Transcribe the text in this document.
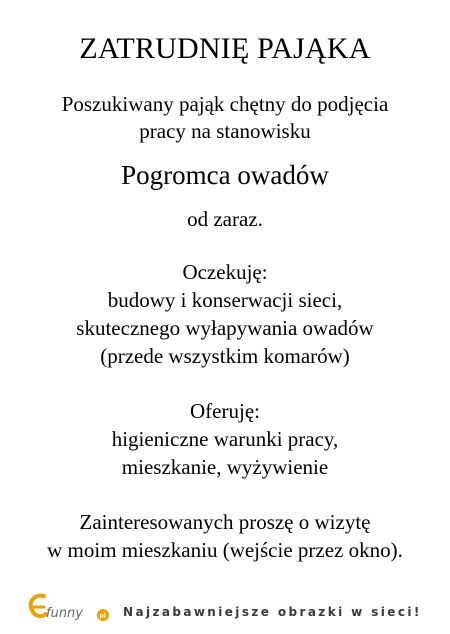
ZATRUDNIĘ PAJĄKA
Poszukiwany pająk chętny do podjęcia
pracy na stanowisku
Pogromca owadów
od zaraz.
Oczekuję:
budowy i konserwacji sieci,
skutecznego wyłapywania owadów
(przede wszystkim komarów)
Oferuję:
higieniczne warunki pracy,
mieszkanie, wyżywienie
Zainteresowanych proszę o wizytę
w moim mieszkaniu (wejście przez okno).
funny	pl Najzabawniejsze obrazki w sieci!
